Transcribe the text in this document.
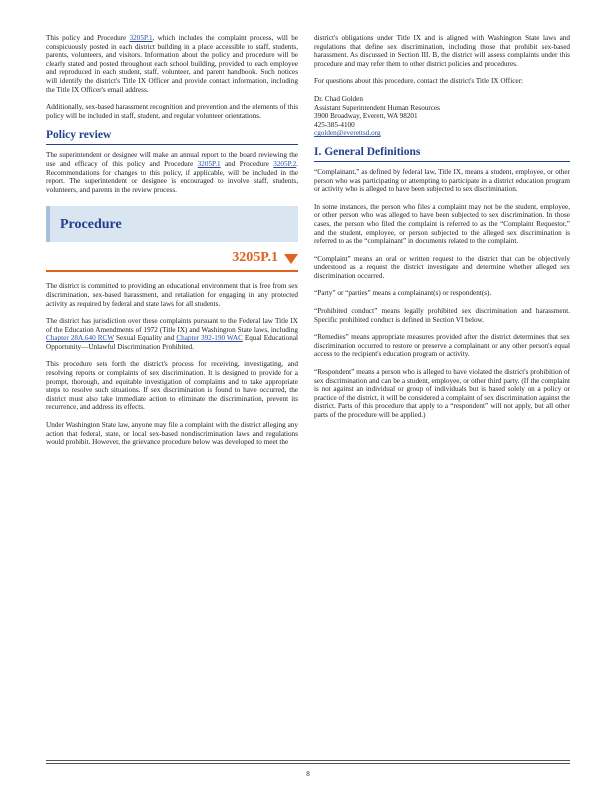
This policy and Procedure 3205P.1, which includes the complaint process, will be conspicuously posted in each district building in a place accessible to staff, students, parents, volunteers, and visitors. Information about the policy and procedure will be clearly stated and posted throughout each school building, provided to each employee and reproduced in each student, staff, volunteer, and parent handbook. Such notices will identify the district's Title IX Officer and provide contact information, including the Title IX Officer's email address.

Additionally, sex-based harassment recognition and prevention and the elements of this policy will be included in staff, student, and regular volunteer orientations.

Policy review

The superintendent or designee will make an annual report to the board reviewing the use and efficacy of this policy and Procedure 3205P.1 and Procedure 3205P.2. Recommendations for changes to this policy, if applicable, will be included in the report. The superintendent or designee is encouraged to involve staff, students, volunteers, and parents in the review process.

Procedure
3205P.1

The district is committed to providing an educational environment that is free from sex discrimination, sex-based harassment, and retaliation for engaging in any protected activity as required by federal and state laws for all students.

The district has jurisdiction over these complaints pursuant to the Federal law Title IX of the Education Amendments of 1972 (Title IX) and Washington State laws, including Chapter 28A.640 RCW Sexual Equality and Chapter 392-190 WAC Equal Educational Opportunity—Unlawful Discrimination Prohibited.

This procedure sets forth the district's process for receiving, investigating, and resolving reports or complaints of sex discrimination. It is designed to provide for a prompt, thorough, and equitable investigation of complaints and to take appropriate steps to resolve such situations. If sex discrimination is found to have occurred, the district must also take immediate action to eliminate the discrimination, prevent its recurrence, and address its effects.

Under Washington State law, anyone may file a complaint with the district alleging any action that federal, state, or local sex-based nondiscrimination laws and regulations would prohibit. However, the grievance procedure below was developed to meet the

district's obligations under Title IX and is aligned with Washington State laws and regulations that define sex discrimination, including those that prohibit sex-based harassment. As discussed in Section III. B, the district will assess complaints under this procedure and may refer them to other district policies and procedures.

For questions about this procedure, contact the district's Title IX Officer:

Dr. Chad Golden

Assistant Superintendent Human Resources

3900 Broadway, Everett, WA 98201

425-385-4100

cgolden@everettsd.org

I. General Definitions

“Complainant,” as defined by federal law, Title IX, means a student, employee, or other person who was participating or attempting to participate in a district education program or activity who is alleged to have been subjected to sex discrimination.

In some instances, the person who files a complaint may not be the student, employee, or other person who was alleged to have been subjected to sex discrimination. In those cases, the person who filed the complaint is referred to as the “Complaint Requestor,” and the student, employee, or person subjected to the alleged sex discrimination is referred to as the “complainant” in documents related to the complaint.

“Complaint” means an oral or written request to the district that can be objectively understood as a request the district investigate and determine whether alleged sex discrimination occurred.

“Party” or “parties” means a complainant(s) or respondent(s).

“Prohibited conduct” means legally prohibited sex discrimination and harassment. Specific prohibited conduct is defined in Section VI below.

“Remedies” means appropriate measures provided after the district determines that sex discrimination occurred to restore or preserve a complainant or any other person's equal access to the recipient's education program or activity.

“Respondent” means a person who is alleged to have violated the district's prohibition of sex discrimination and can be a student, employee, or other third party. (If the complaint is not against an individual or group of individuals but is based solely on a policy or practice of the district, it will be considered a complaint of sex discrimination against the district. Parts of this procedure that apply to a “respondent” will not apply, but all other parts of the procedure will be applied.)

8
